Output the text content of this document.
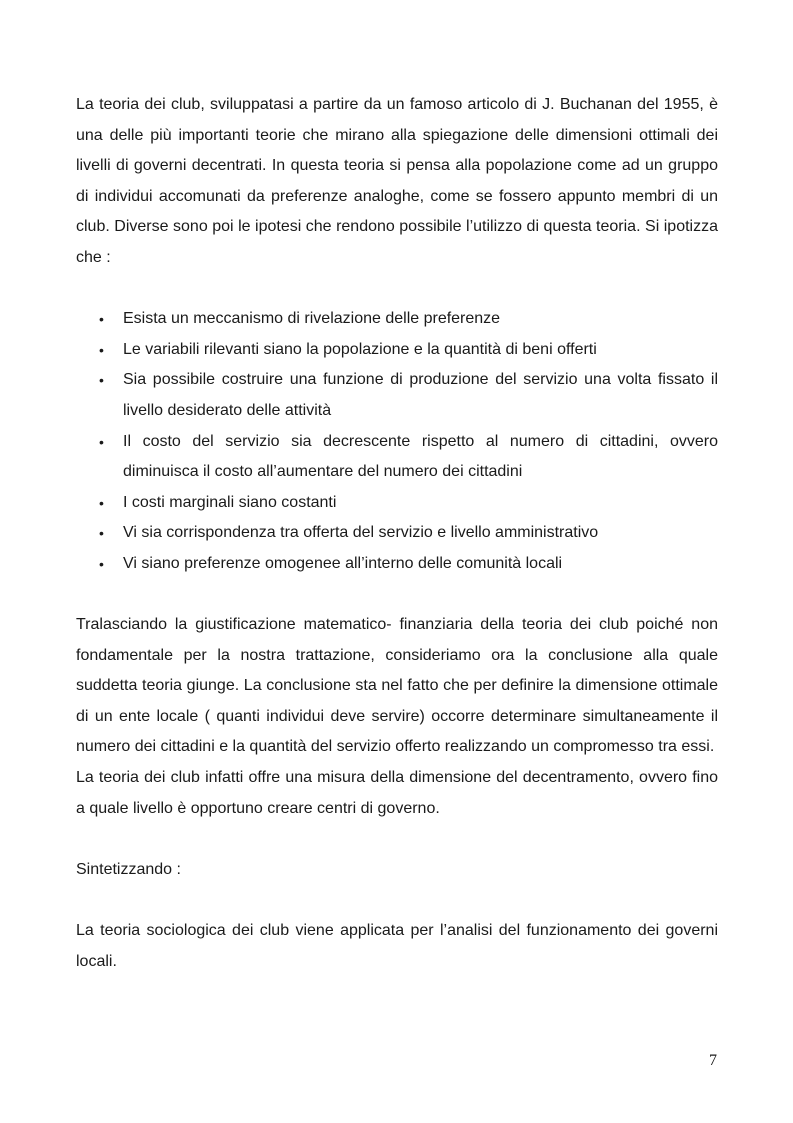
La teoria dei club, sviluppatasi a partire da un famoso articolo di J. Buchanan del 1955, è una delle più importanti teorie che mirano alla spiegazione delle dimensioni ottimali dei livelli di governi decentrati. In questa teoria si pensa alla popolazione come ad un gruppo di individui accomunati da preferenze analoghe, come se fossero appunto membri di un club. Diverse sono poi le ipotesi che rendono possibile l’utilizzo di questa teoria. Si ipotizza che :

• Esista un meccanismo di rivelazione delle preferenze
• Le variabili rilevanti siano la popolazione e la quantità di beni offerti
• Sia possibile costruire una funzione di produzione del servizio una volta fissato il livello desiderato delle attività
• Il costo del servizio sia decrescente rispetto al numero di cittadini, ovvero diminuisca il costo all’aumentare del numero dei cittadini
• I costi marginali siano costanti
• Vi sia corrispondenza tra offerta del servizio e livello amministrativo
• Vi siano preferenze omogenee all’interno delle comunità locali

Tralasciando la giustificazione matematico- finanziaria della teoria dei club poiché non fondamentale per la nostra trattazione, consideriamo ora la conclusione alla quale suddetta teoria giunge. La conclusione sta nel fatto che per definire la dimensione ottimale di un ente locale ( quanti individui deve servire) occorre determinare simultaneamente il numero dei cittadini e la quantità del servizio offerto realizzando un compromesso tra essi.

La teoria dei club infatti offre una misura della dimensione del decentramento, ovvero fino a quale livello è opportuno creare centri di governo.

Sintetizzando :

La teoria sociologica dei club viene applicata per l’analisi del funzionamento dei governi locali.

7
